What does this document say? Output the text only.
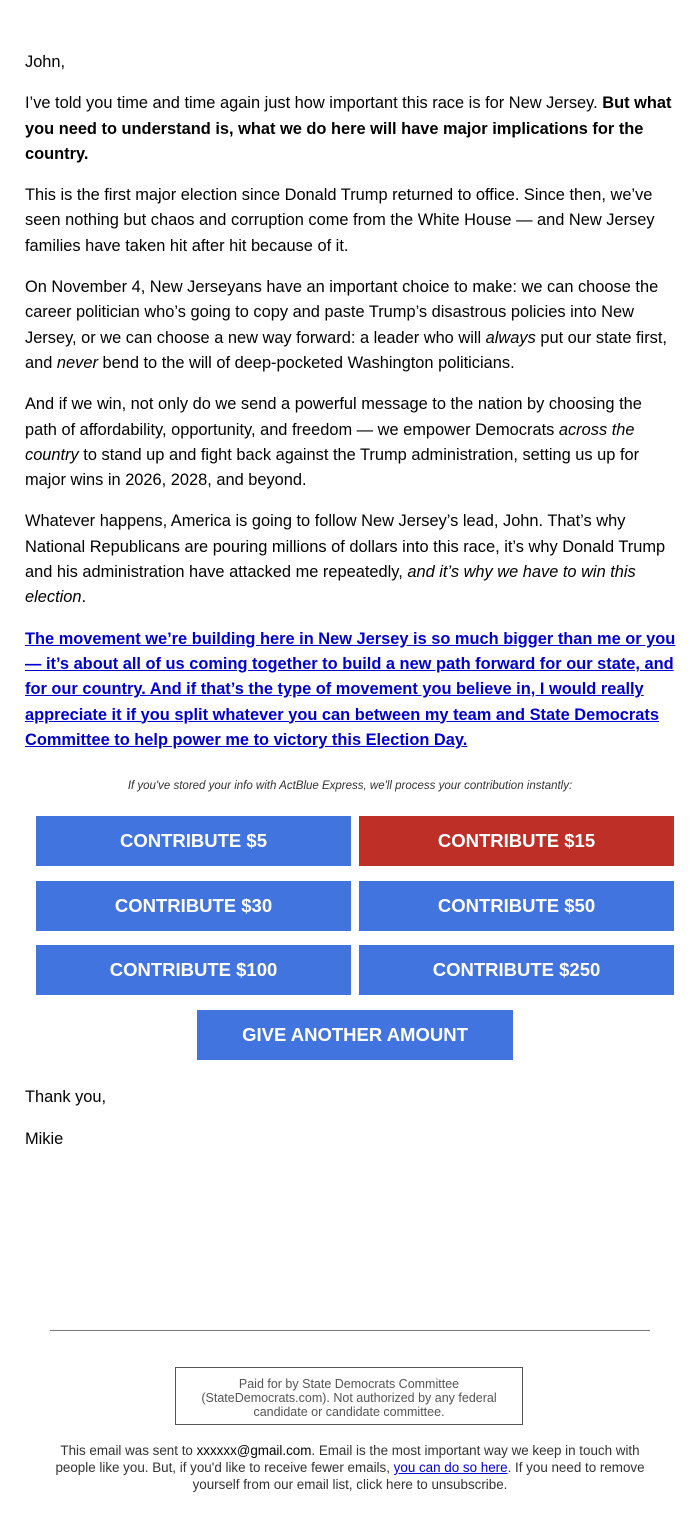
John,

I’ve told you time and time again just how important this race is for New Jersey. But what you need to understand is, what we do here will have major implications for the country.

This is the first major election since Donald Trump returned to office. Since then, we’ve seen nothing but chaos and corruption come from the White House — and New Jersey families have taken hit after hit because of it.

On November 4, New Jerseyans have an important choice to make: we can choose the career politician who’s going to copy and paste Trump’s disastrous policies into New Jersey, or we can choose a new way forward: a leader who will always put our state first, and never bend to the will of deep-pocketed Washington politicians.

And if we win, not only do we send a powerful message to the nation by choosing the path of affordability, opportunity, and freedom — we empower Democrats across the country to stand up and fight back against the Trump administration, setting us up for major wins in 2026, 2028, and beyond.

Whatever happens, America is going to follow New Jersey’s lead, John. That’s why National Republicans are pouring millions of dollars into this race, it’s why Donald Trump and his administration have attacked me repeatedly, and it’s why we have to win this election.

The movement we’re building here in New Jersey is so much bigger than me or you — it’s about all of us coming together to build a new path forward for our state, and for our country. And if that’s the type of movement you believe in, I would really appreciate it if you split whatever you can between my team and State Democrats Committee to help power me to victory this Election Day.

If you've stored your info with ActBlue Express, we'll process your contribution instantly:
CONTRIBUTE $5	CONTRIBUTE $15
CONTRIBUTE $30	CONTRIBUTE $50
CONTRIBUTE $100	CONTRIBUTE $250
GIVE ANOTHER AMOUNT
Thank you,
Mikie
Paid for by State Democrats Committee (StateDemocrats.com). Not authorized by any federal candidate or candidate committee.
This email was sent to xxxxxx@gmail.com. Email is the most important way we keep in touch with people like you. But, if you'd like to receive fewer emails, you can do so here. If you need to remove yourself from our email list, click here to unsubscribe.
